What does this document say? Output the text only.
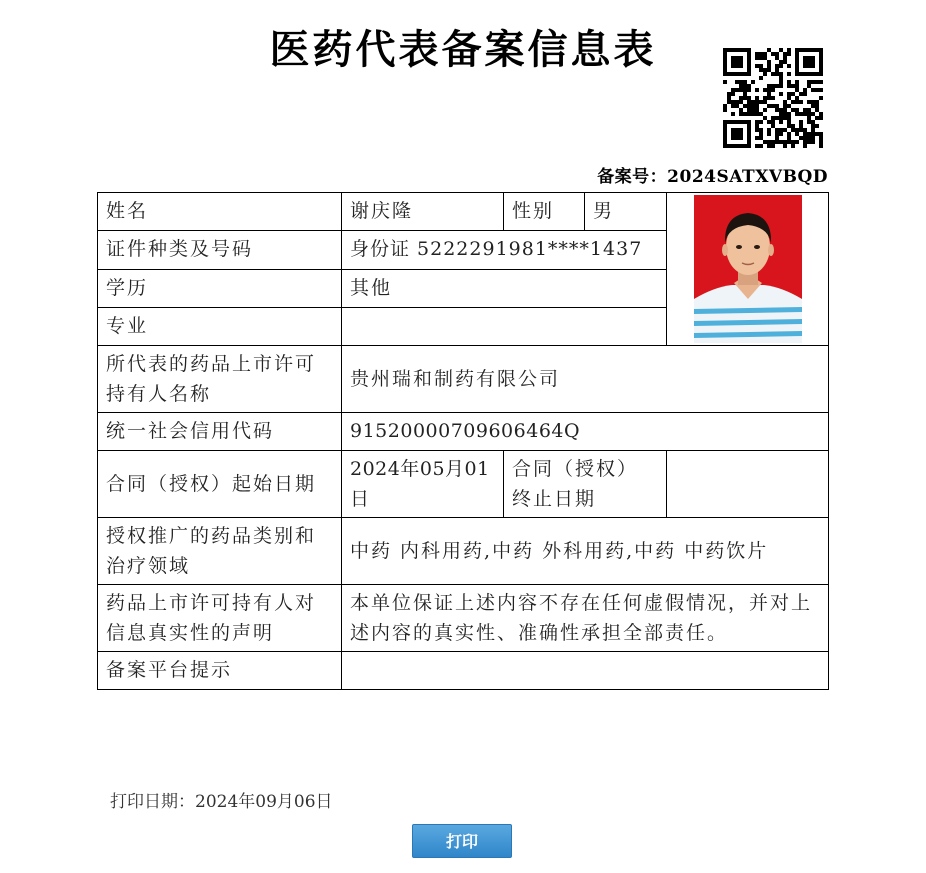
医药代表备案信息表
备案号：2024SATXVBQD
姓名	谢庆隆	性别	男	

证件种类及号码	身份证 5222291981****1437			
学历	其他			
专业				
所代表的药品上市许可持有人名称	贵州瑞和制药有限公司			
统一社会信用代码	91520000709606464Q			
合同（授权）起始日期	2024年05月01日	合同（授权）终止日期		
授权推广的药品类别和治疗领域	中药 内科用药,中药 外科用药,中药 中药饮片			
药品上市许可持有人对信息真实性的声明	本单位保证上述内容不存在任何虚假情况，并对上述内容的真实性、准确性承担全部责任。			
备案平台提示				
打印日期：2024年09月06日
打印
